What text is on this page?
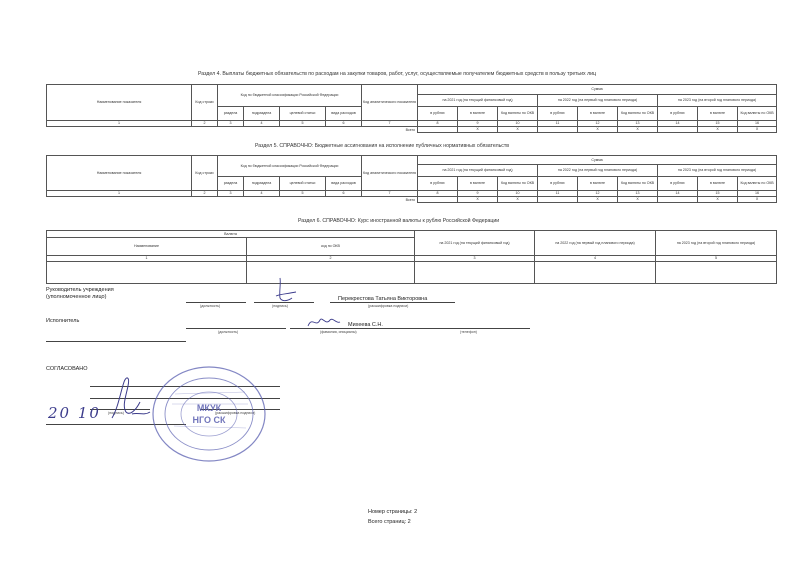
Раздел 4. Выплаты бюджетных обязательств по расходам на закупки товаров, работ, услуг, осуществляемые получателем бюджетных средств в пользу третьих лиц
Наименование показателя	Код строки	Код по бюджетной классификации Российской Федерации				Код аналитического показателя	Сумма								
							на 2021 год (на текущий финансовый год)			на 2022 год (на первый год планового периода)			на 2023 год (на второй год планового периода)		
		раздела	подраздела	целевой статьи	вида расходов		в рублях	в валюте	Код валюты по ОКВ	в рублях	в валюте	Код валюты по ОКВ	в рублях	в валюте	Код валюты по ОКВ
1	2	3	4	5	6	7	8	9	10	11	12	13	14	15	16
Всего								X	X		X	X		X	X
Раздел 5. СПРАВОЧНО: Бюджетные ассигнования на исполнение публичных нормативных обязательств
Наименование показателя	Код строки	Код по бюджетной классификации Российской Федерации				Код аналитического показателя	Сумма								
							на 2021 год (на текущий финансовый год)			на 2022 год (на первый год планового периода)			на 2023 год (на второй год планового периода)		
		раздела	подраздела	целевой статьи	вида расходов		в рублях	в валюте	Код валюты по ОКВ	в рублях	в валюте	Код валюты по ОКВ	в рублях	в валюте	Код валюты по ОКВ
1	2	3	4	5	6	7	8	9	10	11	12	13	14	15	16
Всего								X	X		X	X		X	X
Раздел 6. СПРАВОЧНО: Курс иностранной валюты к рублю Российской Федерации
Валюта		на 2021 год (на текущий финансовый год)	на 2022 год (на первый год планового периода)	на 2023 год (на второй год планового периода)
Наименование	код по ОКВ			
1	2	3	4	5

Руководитель учреждения
(уполномоченное лицо)	Перекрестова Татьяна Викторовна
(должность)	(подпись)	(расшифровка подписи)
Исполнитель
Михеева С.Н.
(должность)	(фамилия, инициалы)	(телефон)
СОГЛАСОВАНО
(подпись)	(расшифровка подписи)
20 10	МКУК
НГО СК
Номер страницы: 2
Всего страниц: 2
